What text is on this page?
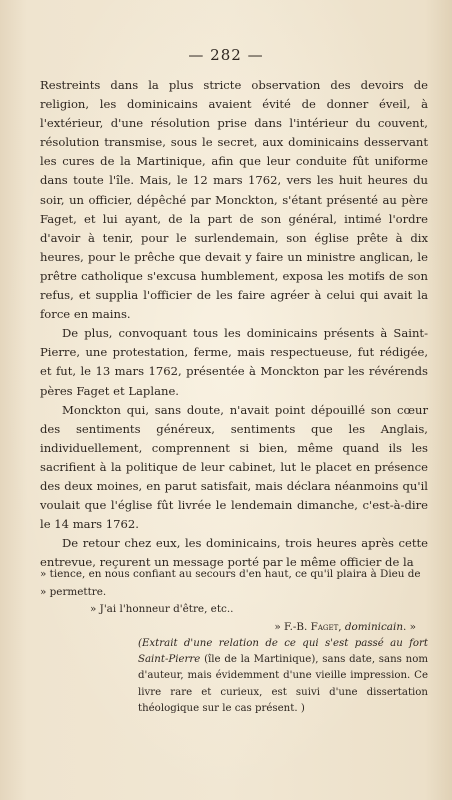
— 282 —

Restreints dans la plus stricte observation des devoirs de religion, les dominicains avaient évité de donner éveil, à l'extérieur, d'une résolution prise dans l'intérieur du couvent, résolution transmise, sous le secret, aux dominicains desservant les cures de la Martinique, afin que leur conduite fût uniforme dans toute l'île. Mais, le 12 mars 1762, vers les huit heures du soir, un officier, dépêché par Monckton, s'étant présenté au père Faget, et lui ayant, de la part de son général, intimé l'ordre d'avoir à tenir, pour le surlendemain, son église prête à dix heures, pour le prêche que devait y faire un ministre anglican, le prêtre catholique s'excusa humblement, exposa les motifs de son refus, et supplia l'officier de les faire agréer à celui qui avait la force en mains.

De plus, convoquant tous les dominicains présents à Saint-Pierre, une protestation, ferme, mais respectueuse, fut rédigée, et fut, le 13 mars 1762, présentée à Monckton par les révérends pères Faget et Laplane.

Monckton qui, sans doute, n'avait point dépouillé son cœur des sentiments généreux, sentiments que les Anglais, individuellement, comprennent si bien, même quand ils les sacrifient à la politique de leur cabinet, lut le placet en présence des deux moines, en parut satisfait, mais déclara néanmoins qu'il voulait que l'église fût livrée le lendemain dimanche, c'est-à-dire le 14 mars 1762.

De retour chez eux, les dominicains, trois heures après cette entrevue, reçurent un message porté par le même officier de la

» tience, en nous confiant au secours d'en haut, ce qu'il plaira à Dieu de

» permettre.

» J'ai l'honneur d'être, etc..

» F.-B. Faget, dominicain. »

(Extrait d'une relation de ce qui s'est passé au fort Saint-Pierre (île de la Martinique), sans date, sans nom d'auteur, mais évidemment d'une vieille impression. Ce livre rare et curieux, est suivi d'une dissertation théologique sur le cas présent. )
